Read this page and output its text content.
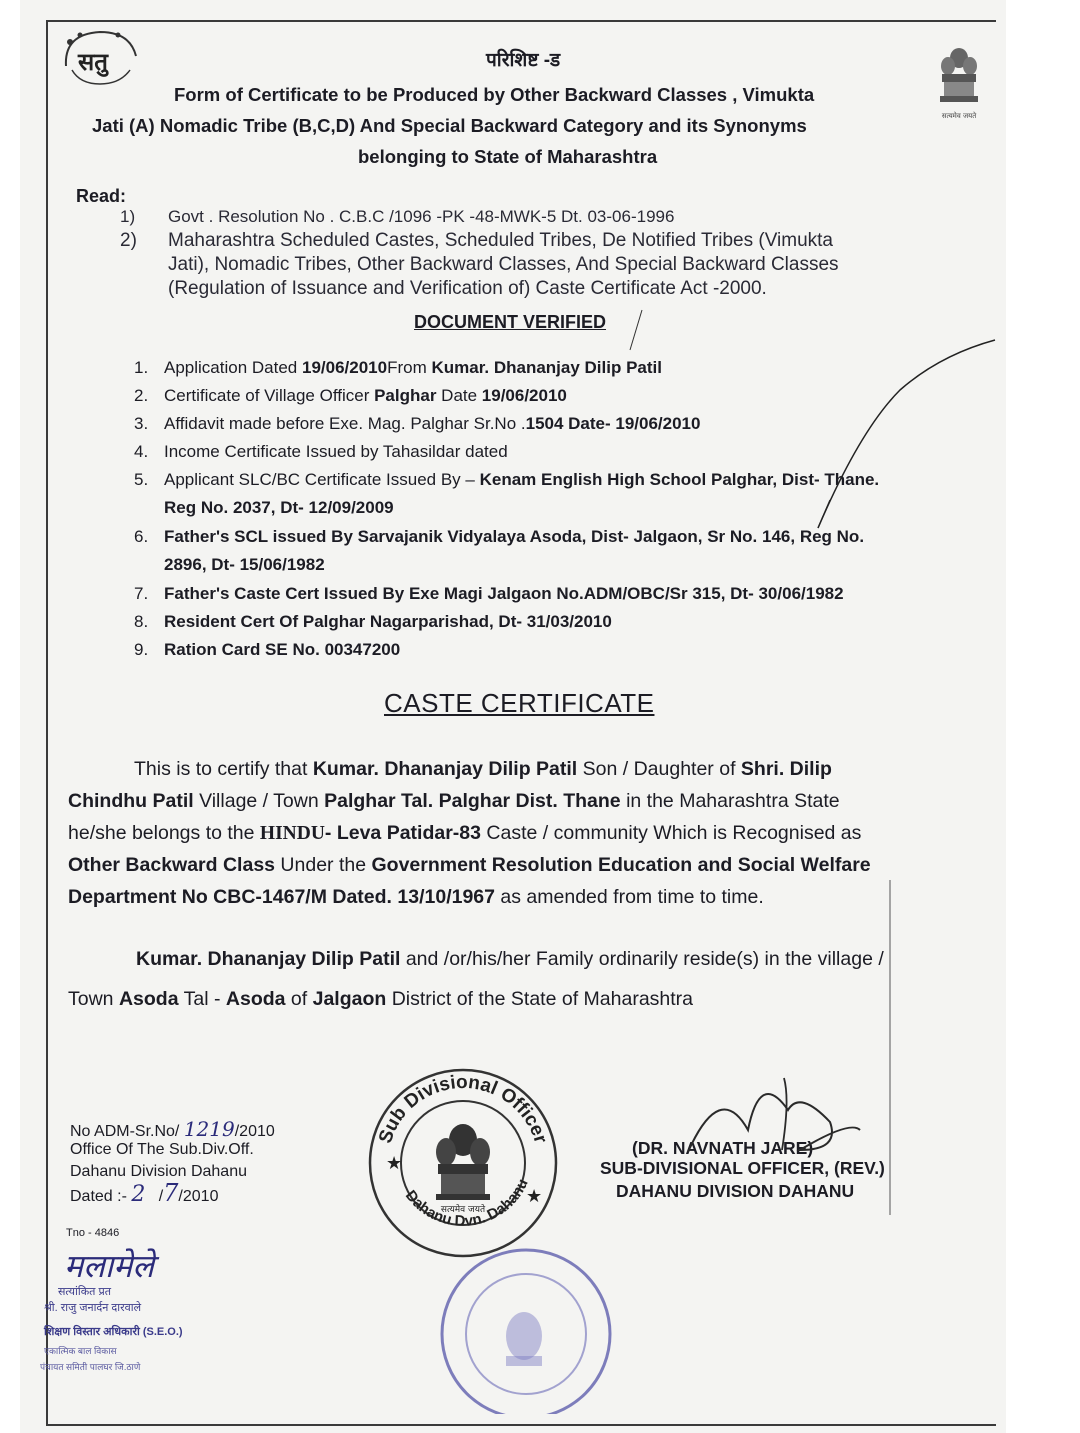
सतु
सत्यमेव जयते
परिशिष्ट -ड
Form of Certificate to be Produced by Other Backward Classes , Vimukta
Jati (A) Nomadic Tribe (B,C,D) And Special Backward Category and its Synonyms
belonging to State of Maharashtra
Read:
1) Govt . Resolution No . C.B.C /1096 -PK -48-MWK-5 Dt. 03-06-1996
2) Maharashtra Scheduled Castes, Scheduled Tribes, De Notified Tribes (Vimukta
Jati), Nomadic Tribes, Other Backward Classes, And Special Backward Classes
(Regulation of Issuance and Verification of) Caste Certificate Act -2000.
DOCUMENT VERIFIED
1. Application Dated 19/06/2010From Kumar. Dhananjay Dilip Patil
2. Certificate of Village Officer Palghar Date 19/06/2010
3. Affidavit made before Exe. Mag. Palghar Sr.No .1504 Date- 19/06/2010
4. Income Certificate Issued by Tahasildar dated
5. Applicant SLC/BC Certificate Issued By – Kenam English High School Palghar, Dist- Thane.
Reg No. 2037, Dt- 12/09/2009
6. Father's SCL issued By Sarvajanik Vidyalaya Asoda, Dist- Jalgaon, Sr No. 146, Reg No.
2896, Dt- 15/06/1982
7. Father's Caste Cert Issued By Exe Magi Jalgaon No.ADM/OBC/Sr 315, Dt- 30/06/1982
8. Resident Cert Of Palghar Nagarparishad, Dt- 31/03/2010
9. Ration Card SE No. 00347200
CASTE CERTIFICATE
This is to certify that Kumar. Dhananjay Dilip Patil Son / Daughter of Shri. Dilip
Chindhu Patil Village / Town Palghar Tal. Palghar Dist. Thane in the Maharashtra State
he/she belongs to the HINDU- Leva Patidar-83 Caste / community Which is Recognised as
Other Backward Class Under the Government Resolution Education and Social Welfare
Department No CBC-1467/M Dated. 13/10/1967 as amended from time to time.
Kumar. Dhananjay Dilip Patil and /or/his/her Family ordinarily reside(s) in the village /
Town Asoda Tal - Asoda of Jalgaon District of the State of Maharashtra
No ADM-Sr.No/ 1219/2010
Office Of The Sub.Div.Off.
Dahanu Division Dahanu
Dated :- 2   /7/2010
Tno - 4846
मलामेले
सत्यांकित प्रत
श्री. राजु जनार्दन दारवाले
शिक्षण विस्तार अधिकारी (S.E.O.)
एकात्मिक बाल विकास
पंचायत समिती पालघर जि.ठाणे
Sub Divisional Officer
Dahanu Dvn. Dahanu
★
★
सत्यमेव जयते
(DR. NAVNATH JARE)
SUB-DIVISIONAL OFFICER, (REV.)
DAHANU DIVISION DAHANU
